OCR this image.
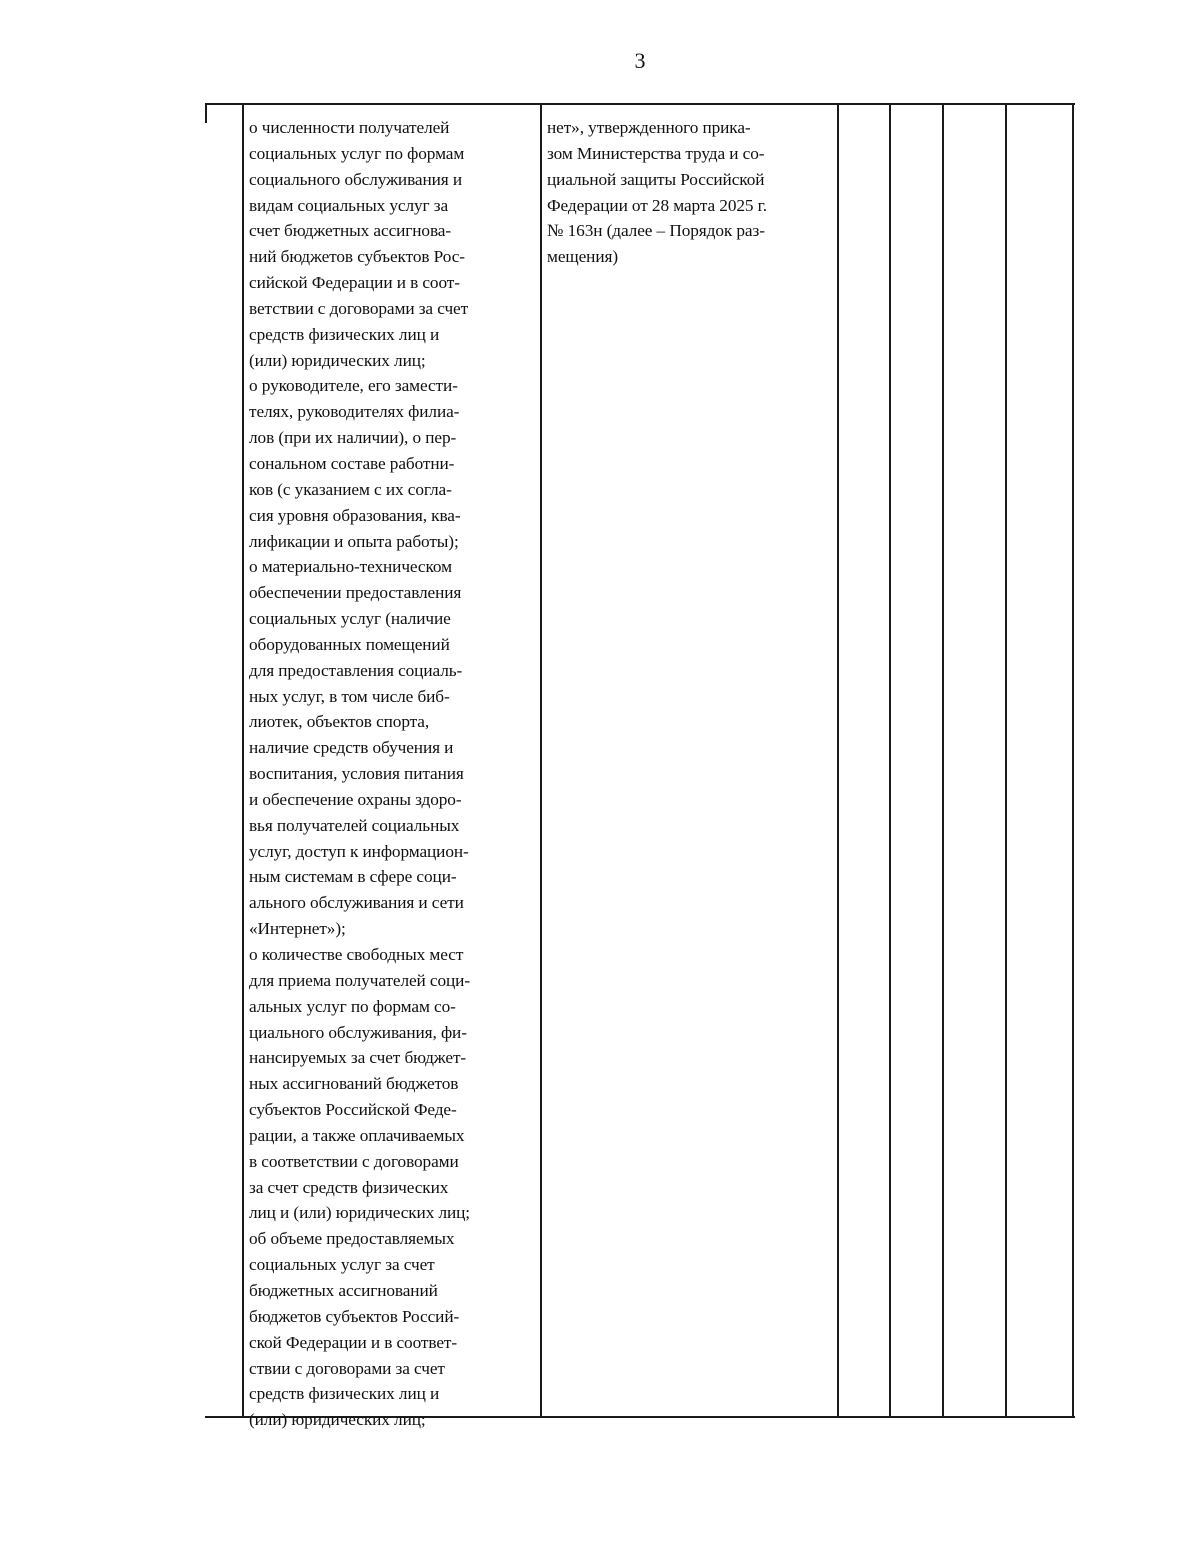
3

о численности получателей
социальных услуг по формам
социального обслуживания и
видам социальных услуг за
счет бюджетных ассигнова-
ний бюджетов субъектов Рос-
сийской Федерации и в соот-
ветствии с договорами за счет
средств физических лиц и
(или) юридических лиц;
о руководителе, его замести-
телях, руководителях филиа-
лов (при их наличии), о пер-
сональном составе работни-
ков (с указанием с их согла-
сия уровня образования, ква-
лификации и опыта работы);
о материально-техническом
обеспечении предоставления
социальных услуг (наличие
оборудованных помещений
для предоставления социаль-
ных услуг, в том числе биб-
лиотек, объектов спорта,
наличие средств обучения и
воспитания, условия питания
и обеспечение охраны здоро-
вья получателей социальных
услуг, доступ к информацион-
ным системам в сфере соци-
ального обслуживания и сети
«Интернет»);
о количестве свободных мест
для приема получателей соци-
альных услуг по формам со-
циального обслуживания, фи-
нансируемых за счет бюджет-
ных ассигнований бюджетов
субъектов Российской Феде-
рации, а также оплачиваемых
в соответствии с договорами
за счет средств физических
лиц и (или) юридических лиц;
об объеме предоставляемых
социальных услуг за счет
бюджетных ассигнований
бюджетов субъектов Россий-
ской Федерации и в соответ-
ствии с договорами за счет
средств физических лиц и
(или) юридических лиц;

нет», утвержденного прика-
зом Министерства труда и со-
циальной защиты Российской
Федерации от 28 марта 2025 г.
№ 163н (далее – Порядок раз-
мещения)
